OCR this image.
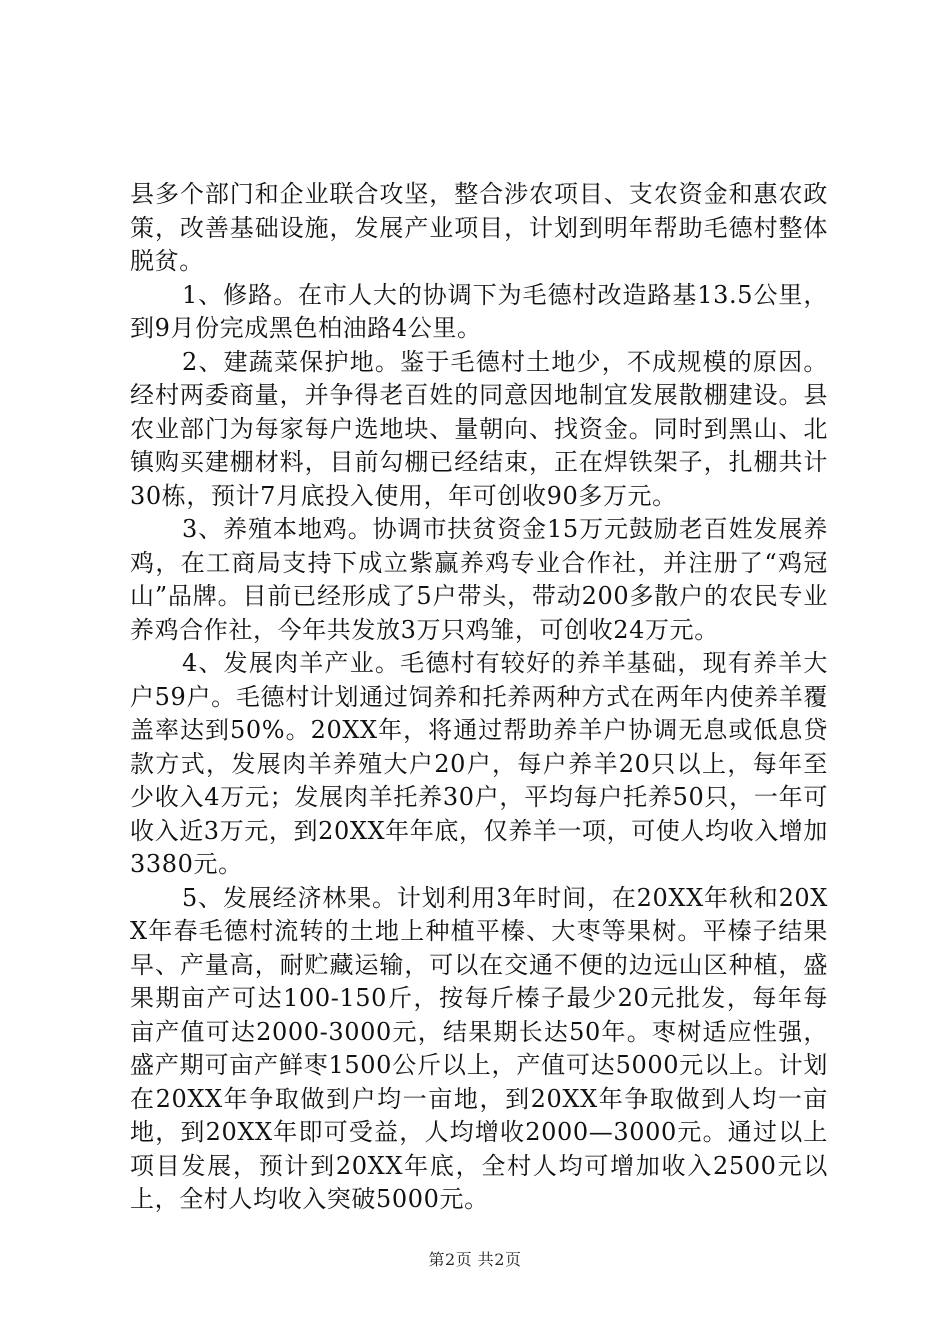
县多个部门和企业联合攻坚，整合涉农项目、支农资金和惠农政策，改善基础设施，发展产业项目，计划到明年帮助毛德村整体脱贫。

1、修路。在市人大的协调下为毛德村改造路基13.5公里，到9月份完成黑色柏油路4公里。

2、建蔬菜保护地。鉴于毛德村土地少，不成规模的原因。经村两委商量，并争得老百姓的同意因地制宜发展散棚建设。县农业部门为每家每户选地块、量朝向、找资金。同时到黑山、北镇购买建棚材料，目前勾棚已经结束，正在焊铁架子，扎棚共计30栋，预计7月底投入使用，年可创收90多万元。

3、养殖本地鸡。协调市扶贫资金15万元鼓励老百姓发展养鸡，在工商局支持下成立紫赢养鸡专业合作社，并注册了“鸡冠山”品牌。目前已经形成了5户带头，带动200多散户的农民专业养鸡合作社，今年共发放3万只鸡雏，可创收24万元。

4、发展肉羊产业。毛德村有较好的养羊基础，现有养羊大户59户。毛德村计划通过饲养和托养两种方式在两年内使养羊覆盖率达到50%。20XX年，将通过帮助养羊户协调无息或低息贷款方式，发展肉羊养殖大户20户，每户养羊20只以上，每年至少收入4万元；发展肉羊托养30户，平均每户托养50只，一年可收入近3万元，到20XX年年底，仅养羊一项，可使人均收入增加3380元。

5、发展经济林果。计划利用3年时间，在20XX年秋和20XX年春毛德村流转的土地上种植平榛、大枣等果树。平榛子结果早、产量高，耐贮藏运输，可以在交通不便的边远山区种植，盛果期亩产可达100-150斤，按每斤榛子最少20元批发，每年每亩产值可达2000-3000元，结果期长达50年。枣树适应性强，盛产期可亩产鲜枣1500公斤以上，产值可达5000元以上。计划在20XX年争取做到户均一亩地，到20XX年争取做到人均一亩地，到20XX年即可受益，人均增收2000—3000元。通过以上项目发展，预计到20XX年底，全村人均可增加收入2500元以上，全村人均收入突破5000元。

第2页 共2页
